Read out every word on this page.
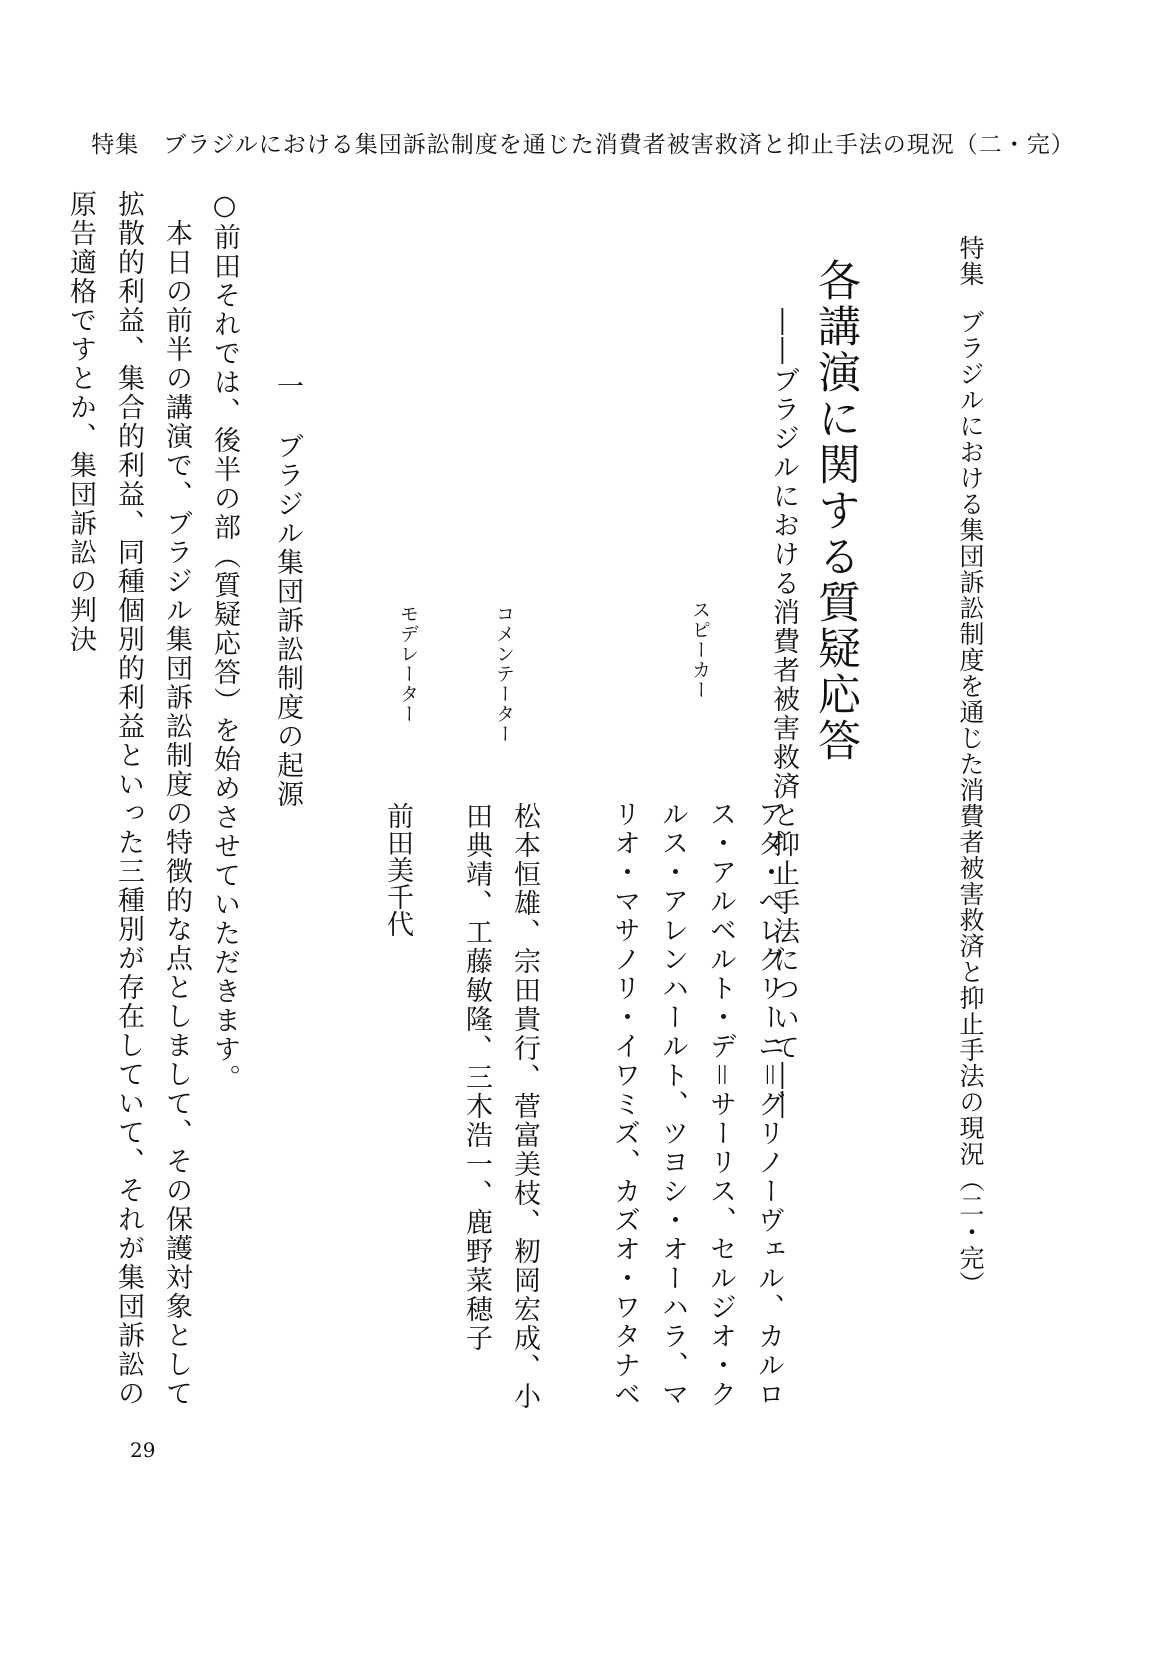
特集　ブラジルにおける集団訴訟制度を通じた消費者被害救済と抑止手法の現況（二・完）
特集ブラジルにおける集団訴訟制度を通じた消費者被害救済と抑止手法の現況（二・完）
各講演に関する質疑応答
――ブラジルにおける消費者被害救済と抑止手法について――
スピーカー
アダ・ペレグリーニ＝グリノーヴェル、カルロス・アルベルト・デ＝サーリス、セルジオ・クルス・アレンハールト、ツヨシ・オーハラ、マリオ・マサノリ・イワミズ、カズオ・ワタナベ
コメンテーター
松本恒雄、宗田貴行、菅富美枝、籾岡宏成、小田典靖、工藤敏隆、三木浩一、鹿野菜穂子
モデレーター
前田美千代
一
ブラジル集団訴訟制度の起源

○前田それでは、後半の部（質疑応答）を始めさせていただきます。

　本日の前半の講演で、ブラジル集団訴訟制度の特徴的な点としまして、その保護対象として拡散的利益、集合的利益、同種個別的利益といった三種別が存在していて、それが集団訴訟の原告適格ですとか、集団訴訟の判決

29
